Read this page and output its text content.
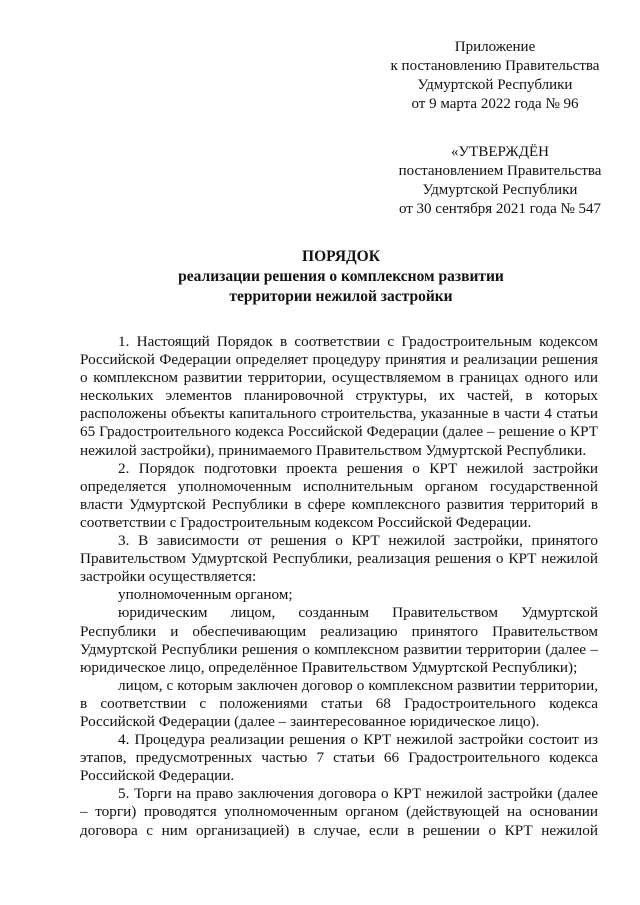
Приложение
к постановлению Правительства
Удмуртской Республики
от 9 марта 2022 года № 96
«УТВЕРЖДЁН
постановлением Правительства
Удмуртской Республики
от 30 сентября 2021 года № 547
ПОРЯДОК
реализации решения о комплексном развитии
территории нежилой застройки

1. Настоящий Порядок в соответствии с Градостроительным кодексом Российской Федерации определяет процедуру принятия и реализации решения о комплексном развитии территории, осуществляемом в границах одного или нескольких элементов планировочной структуры, их частей, в которых расположены объекты капитального строительства, указанные в части 4 статьи 65 Градостроительного кодекса Российской Федерации (далее – решение о КРТ нежилой застройки), принимаемого Правительством Удмуртской Республики.

2. Порядок подготовки проекта решения о КРТ нежилой застройки определяется уполномоченным исполнительным органом государственной власти Удмуртской Республики в сфере комплексного развития территорий в соответствии с Градостроительным кодексом Российской Федерации.

3. В зависимости от решения о КРТ нежилой застройки, принятого Правительством Удмуртской Республики, реализация решения о КРТ нежилой застройки осуществляется:

уполномоченным органом;

юридическим лицом, созданным Правительством Удмуртской Республики и обеспечивающим реализацию принятого Правительством Удмуртской Республики решения о комплексном развитии территории (далее – юридическое лицо, определённое Правительством Удмуртской Республики);

лицом, с которым заключен договор о комплексном развитии территории, в соответствии с положениями статьи 68 Градостроительного кодекса Российской Федерации (далее – заинтересованное юридическое лицо).

4. Процедура реализации решения о КРТ нежилой застройки состоит из этапов, предусмотренных частью 7 статьи 66 Градостроительного кодекса Российской Федерации.

5. Торги на право заключения договора о КРТ нежилой застройки (далее – торги) проводятся уполномоченным органом (действующей на основании договора с ним организацией) в случае, если в решении о КРТ нежилой
